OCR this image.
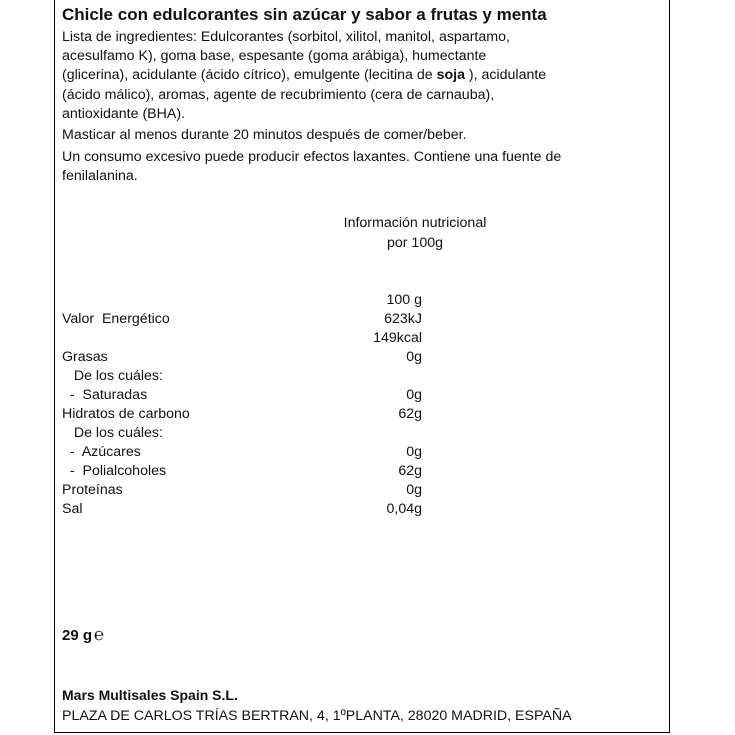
Chicle con edulcorantes sin azúcar y sabor a frutas y menta
Lista de ingredientes: Edulcorantes (sorbitol, xilitol, manitol, aspartamo,
acesulfamo K), goma base, espesante (goma arábiga), humectante
(glicerina), acidulante (ácido cítrico), emulgente (lecitina de soja ), acidulante
(ácido málico), aromas, agente de recubrimiento (cera de carnauba),
antioxidante (BHA).
Masticar al menos durante 20 minutos después de comer/beber.
Un consumo excesivo puede producir efectos laxantes. Contiene una fuente de
fenilalanina.
Información nutricional
por 100g
100 g
Valor  Energético	623kJ
149kcal
Grasas	0g
De los cuáles:
-  Saturadas	0g
Hidratos de carbono	62g
De los cuáles:
-  Azúcares	0g
-  Polialcoholes	62g
Proteínas	0g
Sal	0,04g
29 g ℮
Mars Multisales Spain S.L.
PLAZA DE CARLOS TRÍAS BERTRAN, 4, 1ºPLANTA, 28020 MADRID, ESPAÑA
